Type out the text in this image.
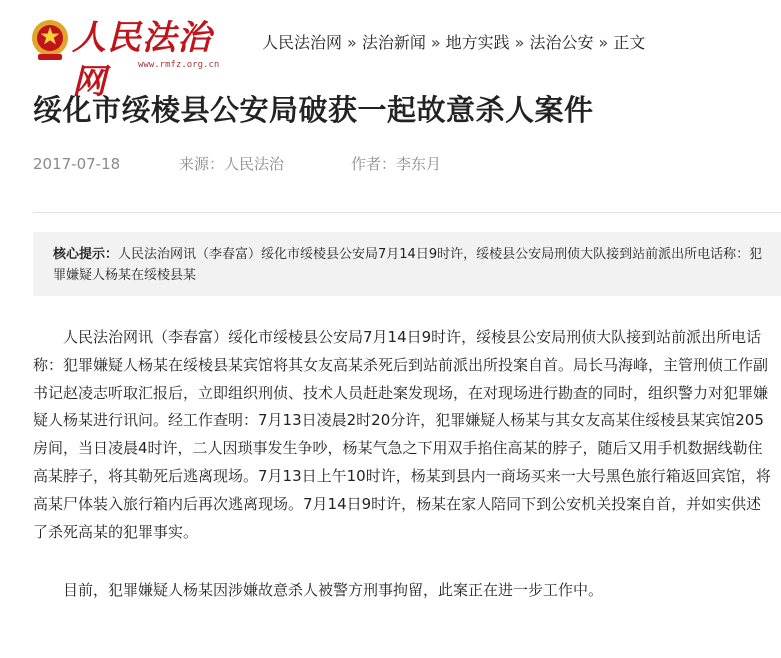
人民法治网	www.rmfz.org.cn
人民法治网 » 法治新闻 » 地方实践 » 法治公安 » 正文
绥化市绥棱县公安局破获一起故意杀人案件
2017-07-18	来源：人民法治	作者：李东月
核心提示：人民法治网讯（李春富）绥化市绥棱县公安局7月14日9时许，绥棱县公安局刑侦大队接到站前派出所电话称：犯罪嫌疑人杨某在绥棱县某

人民法治网讯（李春富）绥化市绥棱县公安局7月14日9时许，绥棱县公安局刑侦大队接到站前派出所电话称：犯罪嫌疑人杨某在绥棱县某宾馆将其女友高某杀死后到站前派出所投案自首。局长马海峰，主管刑侦工作副书记赵凌志听取汇报后，立即组织刑侦、技术人员赶赴案发现场，在对现场进行勘查的同时，组织警力对犯罪嫌疑人杨某进行讯问。经工作查明：7月13日凌晨2时20分许，犯罪嫌疑人杨某与其女友高某住绥棱县某宾馆205房间，当日凌晨4时许，二人因琐事发生争吵，杨某气急之下用双手掐住高某的脖子，随后又用手机数据线勒住高某脖子，将其勒死后逃离现场。7月13日上午10时许，杨某到县内一商场买来一大号黑色旅行箱返回宾馆，将高某尸体装入旅行箱内后再次逃离现场。7月14日9时许，杨某在家人陪同下到公安机关投案自首，并如实供述了杀死高某的犯罪事实。

目前，犯罪嫌疑人杨某因涉嫌故意杀人被警方刑事拘留，此案正在进一步工作中。
